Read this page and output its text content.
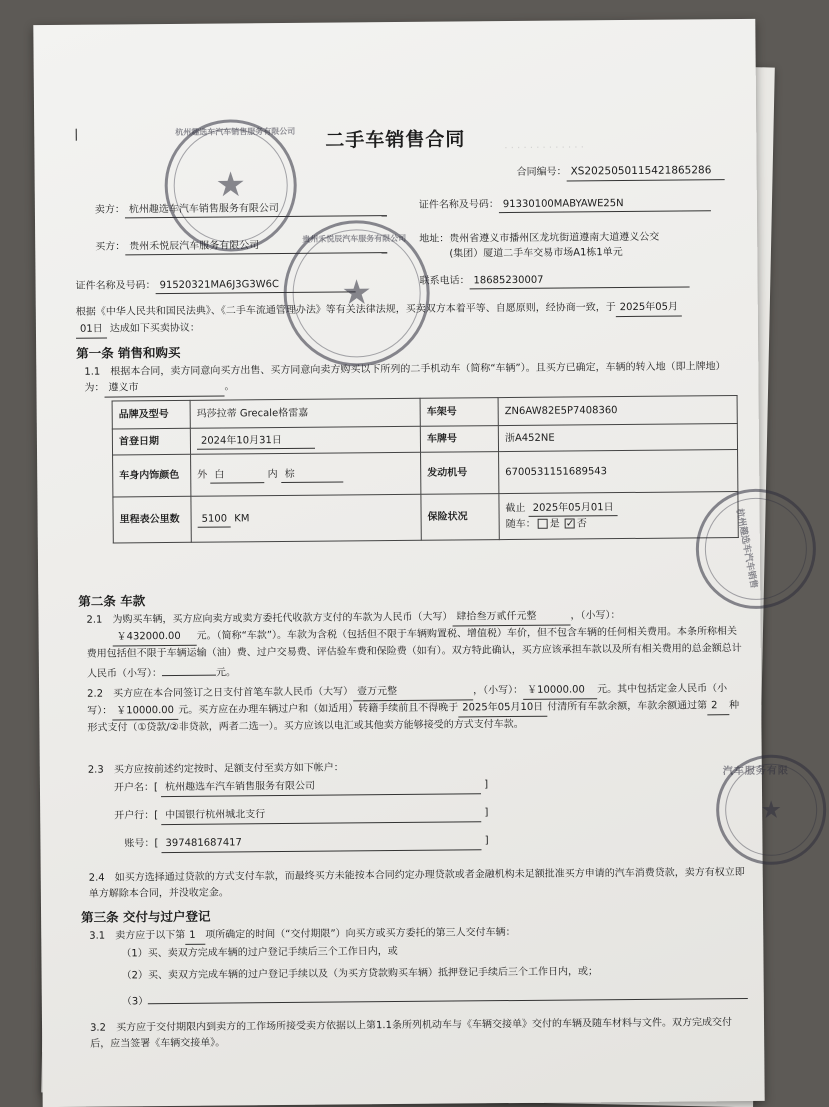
· · · · · · · · · · · · ·
|	二手车销售合同
合同编号： XS2025050115421865286
卖方： 杭州趣选车汽车销售服务有限公司	证件名称及号码： 91330100MABYAWE25N
买方： 贵州禾悦辰汽车服务有限公司
地址：贵州省遵义市播州区龙坑街道遵南大道遵义公交
(集团）厦道二手车交易市场A1栋1单元
证件名称及号码： 91520321MA6J3G3W6C	联系电话： 18685230007
根据《中华人民共和国民法典》、《二手车流通管理办法》等有关法律法规，买卖双方本着平等、自愿原则，经协商一致，于 2025年05月
01日 达成如下买卖协议：
第一条 销售和购买
1.1 根据本合同，卖方同意向买方出售、买方同意向卖方购买以下所列的二手机动车（简称“车辆”）。且买方已确定，车辆的转入地（即上牌地）为： 遵义市	。
品牌及型号	玛莎拉蒂 Grecale格雷嘉	车架号	ZN6AW82E5P7408360
首登日期	2024年10月31日	车牌号	浙A452NE
车身内饰颜色	外 白 内 棕	发动机号	6700531151689543
里程表公里数	5100 KM	保险状况	截止 2025年05月01日
随车： 是 ✓ 否
第二条 车款
2.1 为购买车辆，买方应向卖方或卖方委托代收款方支付的车款为人民币（大写） 肆拾叁万贰仟元整	，（小写）：
￥432000.00 元。（简称“车款”）。车款为含税（包括但不限于车辆购置税、增值税）车价，但不包含车辆的任何相关费用。本条所称相关费用包括但不限于车辆运输（油）费、过户交易费、评估验车费和保险费（如有）。双方特此确认，买方应该承担车款以及所有相关费用的总金额总计人民币（小写）：	元。
2.2 买方应在本合同签订之日支付首笔车款人民币（大写） 壹万元整	，（小写）： ￥10000.00 元。其中包括定金人民币（小写）： ￥10000.00 元。买方应在办理车辆过户和（如适用）转籍手续前且不得晚于 2025年05月10日 付清所有车款余额，车款余额通过第 2 种形式支付（①贷款/②非贷款，两者二选一）。买方应该以电汇或其他卖方能够接受的方式支付车款。
2.3 买方应按前述约定按时、足额支付至卖方如下帐户：
开户名：[ 杭州趣选车汽车销售服务有限公司	]
开户行：[ 中国银行杭州城北支行	]
账号：[ 397481687417	]
2.4 如买方选择通过贷款的方式支付车款，而最终买方未能按本合同约定办理贷款或者金融机构未足额批准买方申请的汽车消费贷款，卖方有权立即单方解除本合同，并没收定金。
第三条 交付与过户登记
3.1 卖方应于以下第 1 项所确定的时间（“交付期限”）向买方或买方委托的第三人交付车辆：
（1）买、卖双方完成车辆的过户登记手续后三个工作日内，或
（2）买、卖双方完成车辆的过户登记手续以及（为买方贷款购买车辆）抵押登记手续后三个工作日内，或；
（3）
3.2 买方应于交付期限内到卖方的工作场所接受卖方依据以上第1.1条所列机动车与《车辆交接单》交付的车辆及随车材料与文件。双方完成交付后，应当签署《车辆交接单》。
★
杭州趣选车汽车销售服务有限公司
★
贵州禾悦辰汽车服务有限公司
杭州趣选车汽车销售
★
汽车服务有限
